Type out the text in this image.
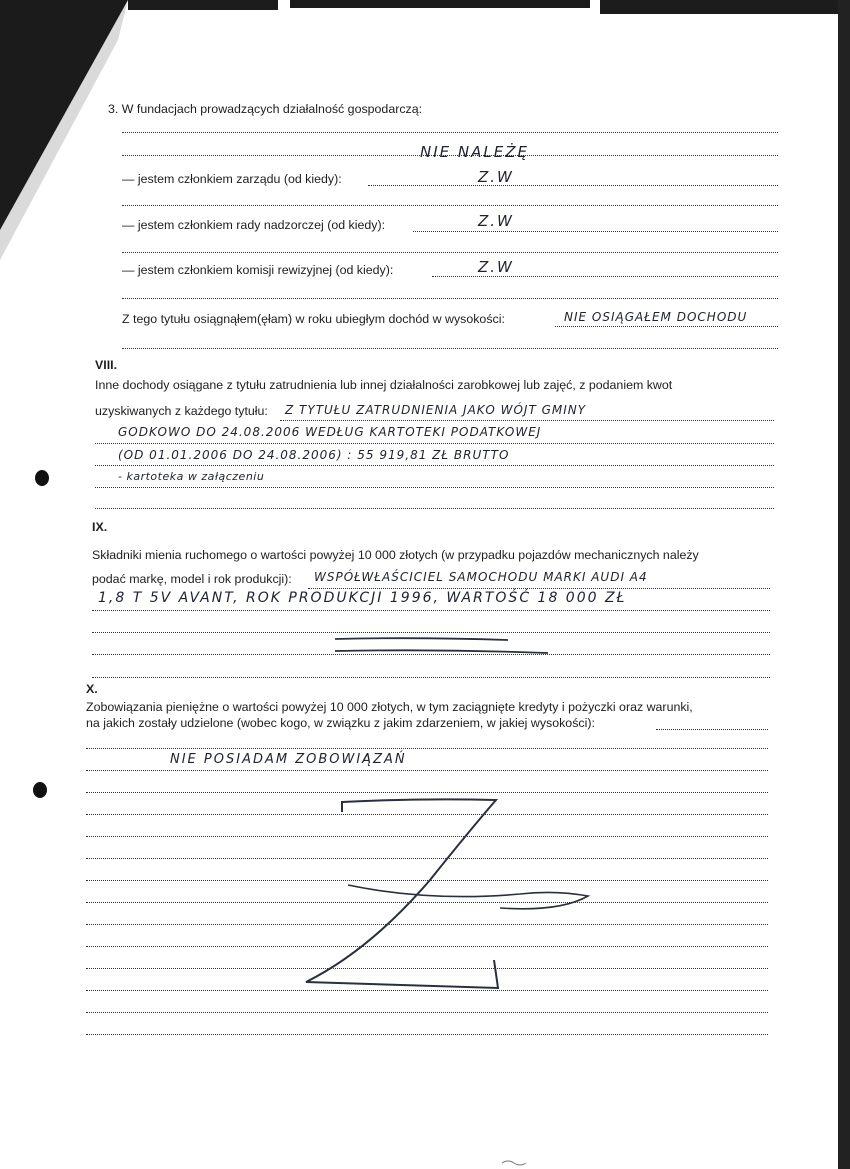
3. W fundacjach prowadzących działalność gospodarczą:
NIE NALEŻĘ
— jestem członkiem zarządu (od kiedy):	Z.W
— jestem członkiem rady nadzorczej (od kiedy):	Z.W
— jestem członkiem komisji rewizyjnej (od kiedy):	Z.W
Z tego tytułu osiągnąłem(ęłam) w roku ubiegłym dochód w wysokości:	NIE OSIĄGAŁEM DOCHODU
VIII.
Inne dochody osiągane z tytułu zatrudnienia lub innej działalności zarobkowej lub zajęć, z podaniem kwot
uzyskiwanych z każdego tytułu: Z TYTUŁU ZATRUDNIENIA JAKO WÓJT GMINY
GODKOWO DO 24.08.2006 WEDŁUG KARTOTEKI PODATKOWEJ
(OD 01.01.2006 DO 24.08.2006) : 55 919,81 ZŁ BRUTTO
- kartoteka w załączeniu
IX.
Składniki mienia ruchomego o wartości powyżej 10 000 złotych (w przypadku pojazdów mechanicznych należy
podać markę, model i rok produkcji): WSPÓŁWŁAŚCICIEL SAMOCHODU MARKI AUDI A4
1,8 T 5V AVANT, ROK PRODUKCJI 1996, WARTOŚĆ 18 000 ZŁ
X.
Zobowiązania pieniężne o wartości powyżej 10 000 złotych, w tym zaciągnięte kredyty i pożyczki oraz warunki,
na jakich zostały udzielone (wobec kogo, w związku z jakim zdarzeniem, w jakiej wysokości):
NIE POSIADAM ZOBOWIĄZAŃ
